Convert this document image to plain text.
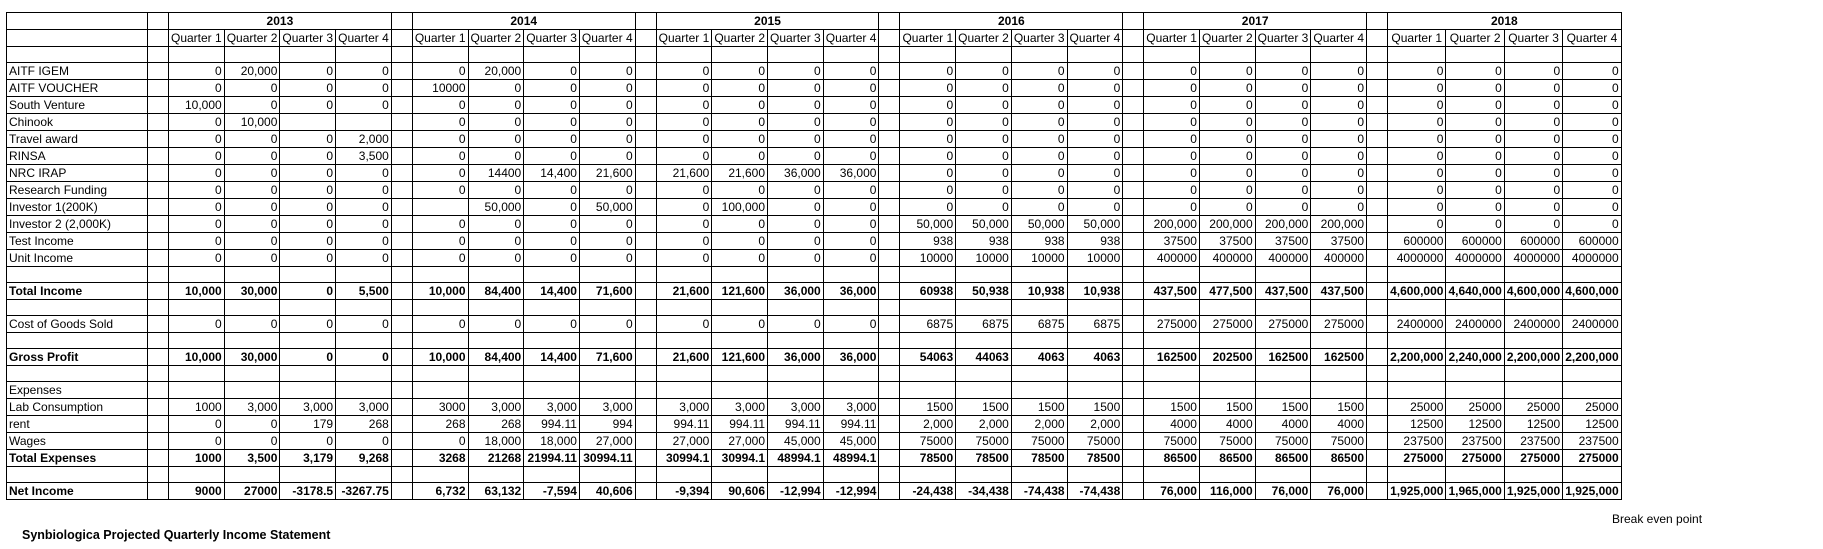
		2013					2014					2015					2016					2017					2018			
		Quarter 1	Quarter 2	Quarter 3	Quarter 4		Quarter 1	Quarter 2	Quarter 3	Quarter 4		Quarter 1	Quarter 2	Quarter 3	Quarter 4		Quarter 1	Quarter 2	Quarter 3	Quarter 4		Quarter 1	Quarter 2	Quarter 3	Quarter 4		Quarter 1	Quarter 2	Quarter 3	Quarter 4

AITF IGEM		0	20,000	0	0		0	20,000	0	0		0	0	0	0		0	0	0	0		0	0	0	0		0	0	0	0
AITF VOUCHER		0	0	0	0		10000	0	0	0		0	0	0	0		0	0	0	0		0	0	0	0		0	0	0	0
South Venture		10,000	0	0	0		0	0	0	0		0	0	0	0		0	0	0	0		0	0	0	0		0	0	0	0
Chinook		0	10,000				0	0	0	0		0	0	0	0		0	0	0	0		0	0	0	0		0	0	0	0
Travel award		0	0	0	2,000		0	0	0	0		0	0	0	0		0	0	0	0		0	0	0	0		0	0	0	0
RINSA		0	0	0	3,500		0	0	0	0		0	0	0	0		0	0	0	0		0	0	0	0		0	0	0	0
NRC IRAP		0	0	0	0		0	14400	14,400	21,600		21,600	21,600	36,000	36,000		0	0	0	0		0	0	0	0		0	0	0	0
Research Funding		0	0	0	0		0	0	0	0		0	0	0	0		0	0	0	0		0	0	0	0		0	0	0	0
Investor 1(200K)		0	0	0	0			50,000	0	50,000		0	100,000	0	0		0	0	0	0		0	0	0	0		0	0	0	0
Investor 2 (2,000K)		0	0	0	0		0	0	0	0		0	0	0	0		50,000	50,000	50,000	50,000		200,000	200,000	200,000	200,000		0	0	0	0
Test Income		0	0	0	0		0	0	0	0		0	0	0	0		938	938	938	938		37500	37500	37500	37500		600000	600000	600000	600000
Unit Income		0	0	0	0		0	0	0	0		0	0	0	0		10000	10000	10000	10000		400000	400000	400000	400000		4000000	4000000	4000000	4000000

Total Income		10,000	30,000	0	5,500		10,000	84,400	14,400	71,600		21,600	121,600	36,000	36,000		60938	50,938	10,938	10,938		437,500	477,500	437,500	437,500		4,600,000	4,640,000	4,600,000	4,600,000

Cost of Goods Sold		0	0	0	0		0	0	0	0		0	0	0	0		6875	6875	6875	6875		275000	275000	275000	275000		2400000	2400000	2400000	2400000

Gross Profit		10,000	30,000	0	0		10,000	84,400	14,400	71,600		21,600	121,600	36,000	36,000		54063	44063	4063	4063		162500	202500	162500	162500		2,200,000	2,240,000	2,200,000	2,200,000

Expenses																														
Lab Consumption		1000	3,000	3,000	3,000		3000	3,000	3,000	3,000		3,000	3,000	3,000	3,000		1500	1500	1500	1500		1500	1500	1500	1500		25000	25000	25000	25000
rent		0	0	179	268		268	268	994.11	994		994.11	994.11	994.11	994.11		2,000	2,000	2,000	2,000		4000	4000	4000	4000		12500	12500	12500	12500
Wages		0	0	0	0		0	18,000	18,000	27,000		27,000	27,000	45,000	45,000		75000	75000	75000	75000		75000	75000	75000	75000		237500	237500	237500	237500
Total Expenses		1000	3,500	3,179	9,268		3268	21268	21994.11	30994.11		30994.1	30994.1	48994.1	48994.1		78500	78500	78500	78500		86500	86500	86500	86500		275000	275000	275000	275000

Net Income		9000	27000	-3178.5	-3267.75		6,732	63,132	-7,594	40,606		-9,394	90,606	-12,994	-12,994		-24,438	-34,438	-74,438	-74,438		76,000	116,000	76,000	76,000		1,925,000	1,965,000	1,925,000	1,925,000
Break even point
Synbiologica Projected Quarterly Income Statement
